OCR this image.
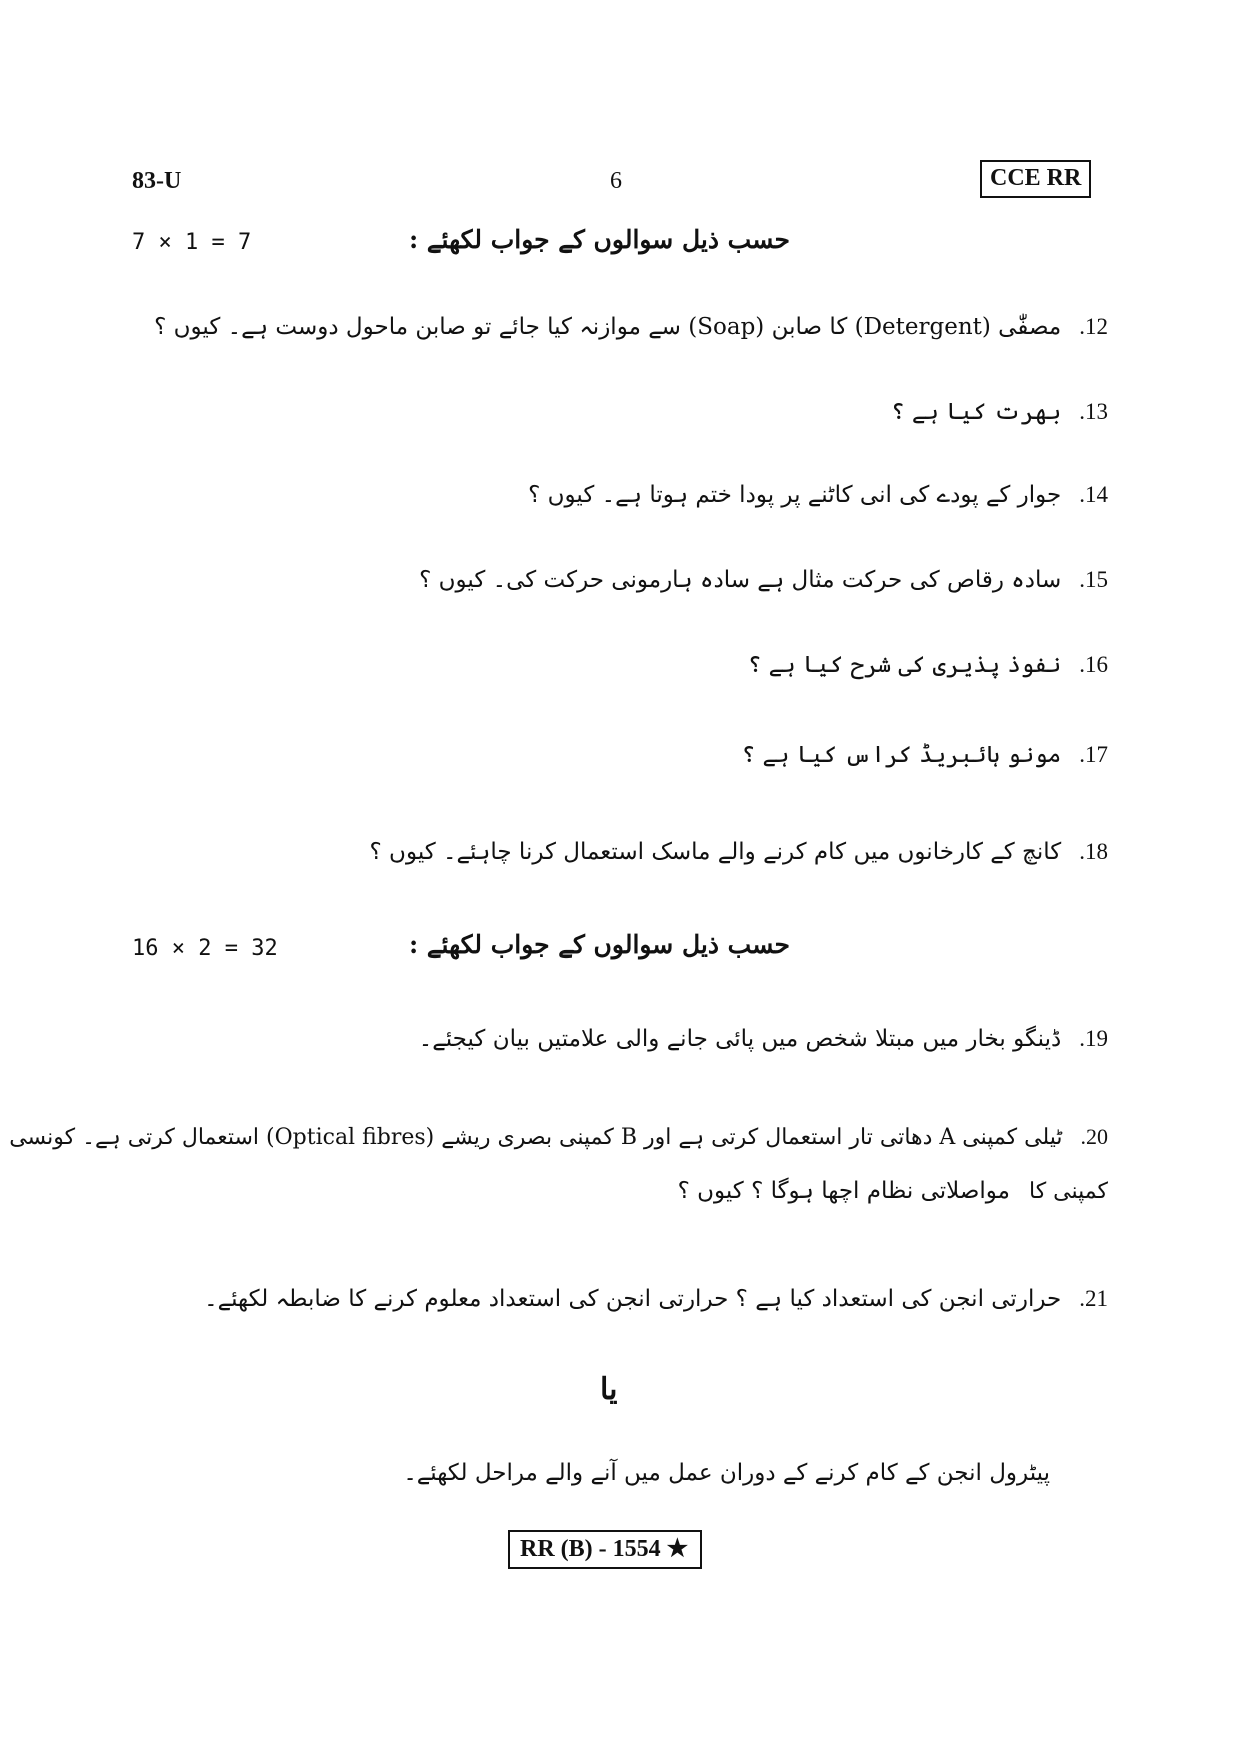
83-U	6	CCE RR
7 × 1 = 7	حسب ذیل سوالوں کے جواب لکھئے :
12.مصفّٰی (Detergent) کا صابن (Soap) سے موازنہ کیا جائے تو صابن ماحول دوست ہے۔ کیوں ؟
13.بھرت کیا ہے ؟
14.جوار کے پودے کی انی کاٹنے پر پودا ختم ہوتا ہے۔ کیوں ؟
15.سادہ رقاص کی حرکت مثال ہے سادہ ہارمونی حرکت کی۔ کیوں ؟
16.نفوذ پذیری کی شرح کیا ہے ؟
17.مونو ہائبریڈ کراس کیا ہے ؟
18.کانچ کے کارخانوں میں کام کرنے والے ماسک استعمال کرنا چاہئے۔ کیوں ؟
16 × 2 = 32	حسب ذیل سوالوں کے جواب لکھئے :
19.ڈینگو بخار میں مبتلا شخص میں پائی جانے والی علامتیں بیان کیجئے۔
20.ٹیلی کمپنی A دھاتی تار استعمال کرتی ہے اور B کمپنی بصری ریشے (Optical fibres) استعمال کرتی ہے۔ کونسی کمپنی کا
مواصلاتی نظام اچھا ہوگا ؟ کیوں ؟
21.حرارتی انجن کی استعداد کیا ہے ؟ حرارتی انجن کی استعداد معلوم کرنے کا ضابطہ لکھئے۔
یا
پیٹرول انجن کے کام کرنے کے دوران عمل میں آنے والے مراحل لکھئے۔
RR (B) - 1554 ★
